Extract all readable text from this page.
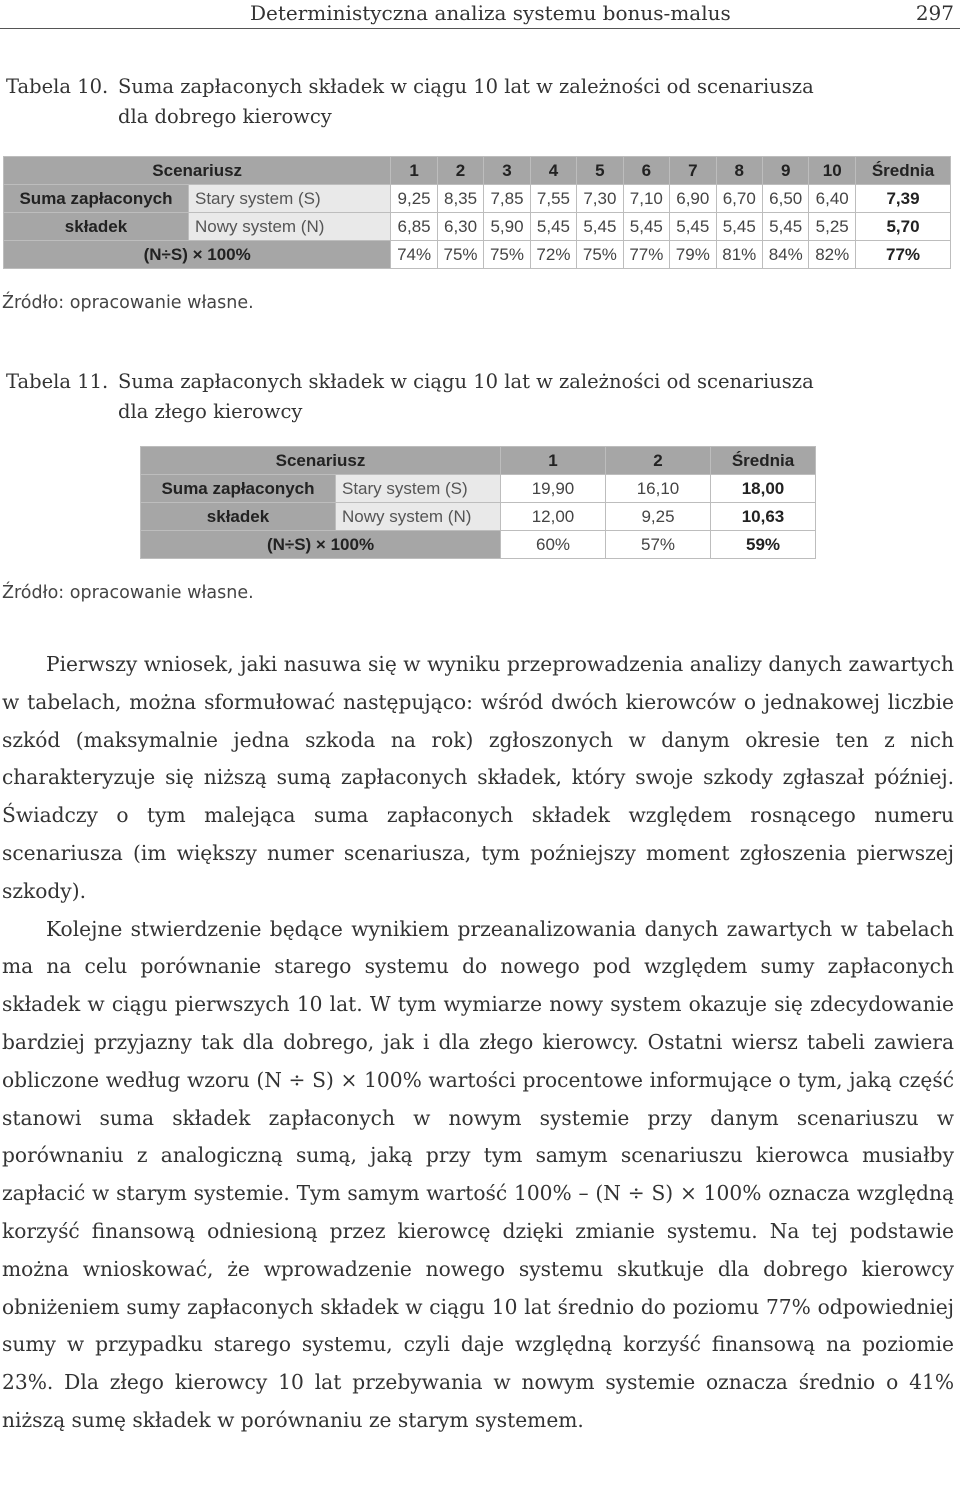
Deterministyczna analiza systemu bonus-malus	297
Tabela 10. Suma zapłaconych składek w ciągu 10 lat w zależności od scenariusza
dla dobrego kierowcy
Scenariusz		1	2	3	4	5	6	7	8	9	10	Średnia
Suma zapłaconych	Stary system (S)	9,25	8,35	7,85	7,55	7,30	7,10	6,90	6,70	6,50	6,40	7,39
składek	Nowy system (N)	6,85	6,30	5,90	5,45	5,45	5,45	5,45	5,45	5,45	5,25	5,70
(N÷S) × 100%		74%	75%	75%	72%	75%	77%	79%	81%	84%	82%	77%
Źródło: opracowanie własne.
Tabela 11. Suma zapłaconych składek w ciągu 10 lat w zależności od scenariusza
dla złego kierowcy
Scenariusz		1	2	Średnia
Suma zapłaconych	Stary system (S)	19,90	16,10	18,00
składek	Nowy system (N)	12,00	9,25	10,63
(N÷S) × 100%		60%	57%	59%
Źródło: opracowanie własne.

Pierwszy wniosek, jaki nasuwa się w wyniku przeprowadzenia analizy danych zawartych w tabelach, można sformułować następująco: wśród dwóch kierowców o jednakowej liczbie szkód (maksymalnie jedna szkoda na rok) zgłoszonych w danym okresie ten z nich charakteryzuje się niższą sumą zapłaconych składek, który swoje szkody zgłaszał później. Świadczy o tym malejąca suma zapłaconych składek względem rosnącego numeru scenariusza (im większy numer scenariusza, tym poźniejszy moment zgłoszenia pierwszej szkody).

Kolejne stwierdzenie będące wynikiem przeanalizowania danych zawartych w tabelach ma na celu porównanie starego systemu do nowego pod względem sumy zapłaconych składek w ciągu pierwszych 10 lat. W tym wymiarze nowy system okazuje się zdecydowanie bardziej przyjazny tak dla dobrego, jak i dla złego kierowcy. Ostatni wiersz tabeli zawiera obliczone według wzoru (N ÷ S) × 100% wartości procentowe informujące o tym, jaką część stanowi suma składek zapłaconych w nowym systemie przy danym scenariuszu w porównaniu z analogiczną sumą, jaką przy tym samym scenariuszu kierowca musiałby zapłacić w starym systemie. Tym samym wartość 100% – (N ÷ S) × 100% oznacza względną korzyść finansową odniesioną przez kierowcę dzięki zmianie systemu. Na tej podstawie można wnioskować, że wprowadzenie nowego systemu skutkuje dla dobrego kierowcy obniżeniem sumy zapłaconych składek w ciągu 10 lat średnio do poziomu 77% odpowiedniej sumy w przypadku starego systemu, czyli daje względną korzyść finansową na poziomie 23%. Dla złego kierowcy 10 lat przebywania w nowym systemie oznacza średnio o 41% niższą sumę składek w porównaniu ze starym systemem.
